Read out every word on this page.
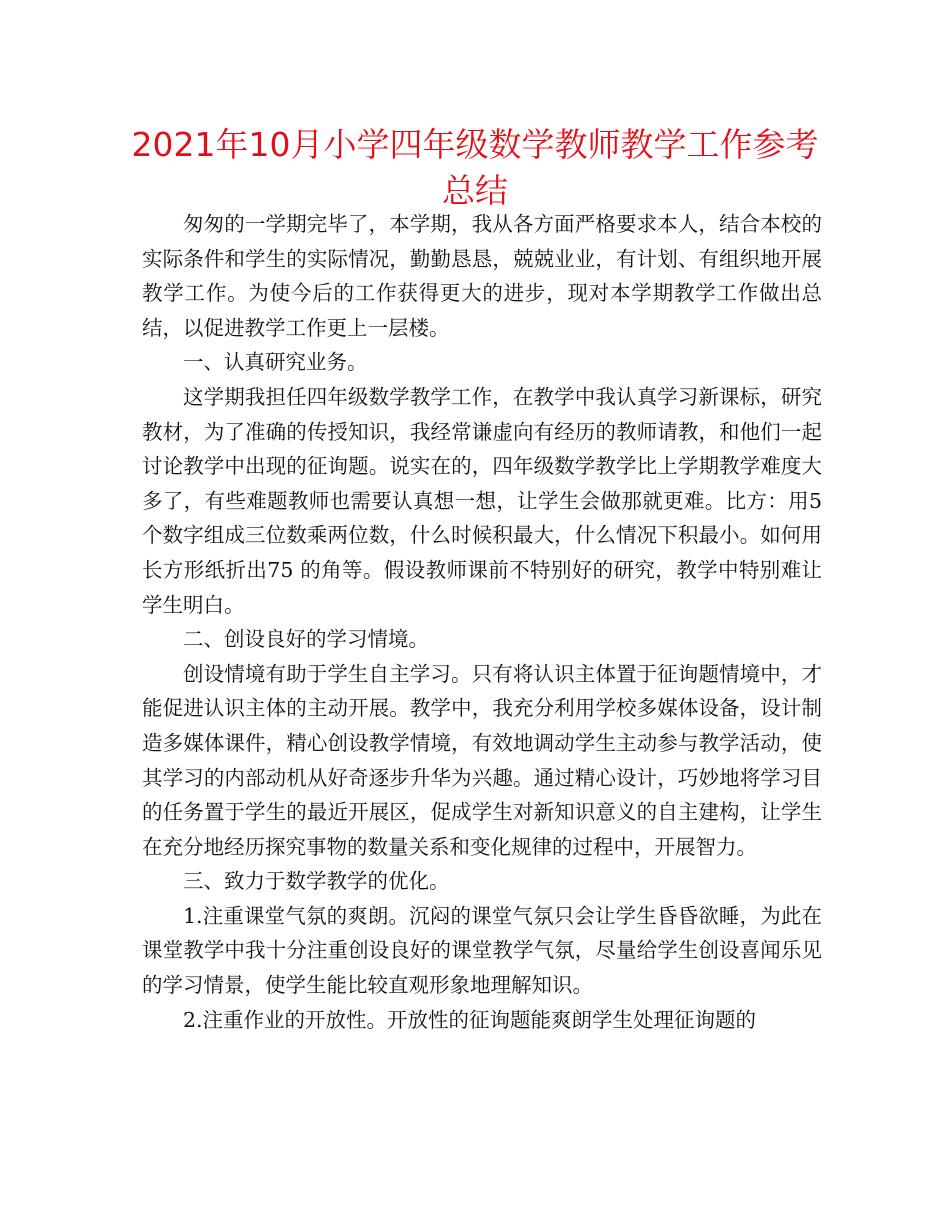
2021年10月小学四年级数学教师教学工作参考
总结

匆匆的一学期完毕了，本学期，我从各方面严格要求本人，结合本校的实际条件和学生的实际情况，勤勤恳恳，兢兢业业，有计划、有组织地开展教学工作。为使今后的工作获得更大的进步，现对本学期教学工作做出总结，以促进教学工作更上一层楼。

一、认真研究业务。

这学期我担任四年级数学教学工作，在教学中我认真学习新课标，研究教材，为了准确的传授知识，我经常谦虚向有经历的教师请教，和他们一起讨论教学中出现的征询题。说实在的，四年级数学教学比上学期教学难度大多了，有些难题教师也需要认真想一想，让学生会做那就更难。比方：用5个数字组成三位数乘两位数，什么时候积最大，什么情况下积最小。如何用长方形纸折出75 的角等。假设教师课前不特别好的研究，教学中特别难让学生明白。

二、创设良好的学习情境。

创设情境有助于学生自主学习。只有将认识主体置于征询题情境中，才能促进认识主体的主动开展。教学中，我充分利用学校多媒体设备，设计制造多媒体课件，精心创设教学情境，有效地调动学生主动参与教学活动，使其学习的内部动机从好奇逐步升华为兴趣。通过精心设计，巧妙地将学习目的任务置于学生的最近开展区，促成学生对新知识意义的自主建构，让学生在充分地经历探究事物的数量关系和变化规律的过程中，开展智力。

三、致力于数学教学的优化。

1.注重课堂气氛的爽朗。沉闷的课堂气氛只会让学生昏昏欲睡，为此在课堂教学中我十分注重创设良好的课堂教学气氛，尽量给学生创设喜闻乐见的学习情景，使学生能比较直观形象地理解知识。

2.注重作业的开放性。开放性的征询题能爽朗学生处理征询题的
